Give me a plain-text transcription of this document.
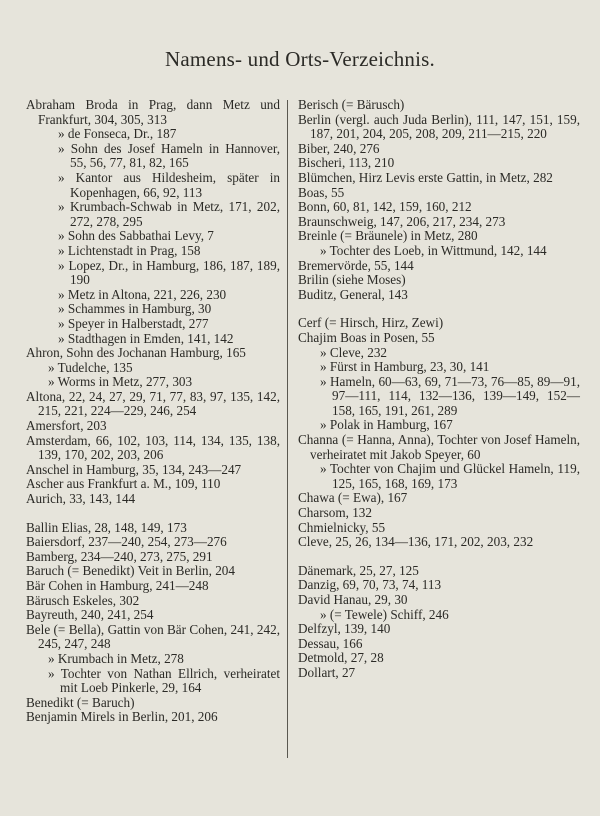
Namens- und Orts-Verzeichnis.
Abraham Broda in Prag, dann Metz und Frankfurt, 304, 305, 313
» de Fonseca, Dr., 187
» Sohn des Josef Hameln in Hannover, 55, 56, 77, 81, 82, 165
» Kantor aus Hildesheim, später in Kopenhagen, 66, 92, 113
» Krumbach-Schwab in Metz, 171, 202, 272, 278, 295
» Sohn des Sabbathai Levy, 7
» Lichtenstadt in Prag, 158
» Lopez, Dr., in Hamburg, 186, 187, 189, 190
» Metz in Altona, 221, 226, 230
» Schammes in Hamburg, 30
» Speyer in Halberstadt, 277
» Stadthagen in Emden, 141, 142
Ahron, Sohn des Jochanan Hamburg, 165
» Tudelche, 135
» Worms in Metz, 277, 303
Altona, 22, 24, 27, 29, 71, 77, 83, 97, 135, 142, 215, 221, 224—229, 246, 254
Amersfort, 203
Amsterdam, 66, 102, 103, 114, 134, 135, 138, 139, 170, 202, 203, 206
Anschel in Hamburg, 35, 134, 243—247
Ascher aus Frankfurt a. M., 109, 110
Aurich, 33, 143, 144
Ballin Elias, 28, 148, 149, 173
Baiersdorf, 237—240, 254, 273—276
Bamberg, 234—240, 273, 275, 291
Baruch (= Benedikt) Veit in Berlin, 204
Bär Cohen in Hamburg, 241—248
Bärusch Eskeles, 302
Bayreuth, 240, 241, 254
Bele (= Bella), Gattin von Bär Cohen, 241, 242, 245, 247, 248
» Krumbach in Metz, 278
» Tochter von Nathan Ellrich, verheiratet mit Loeb Pinkerle, 29, 164
Benedikt (= Baruch)
Benjamin Mirels in Berlin, 201, 206
Berisch (= Bärusch)
Berlin (vergl. auch Juda Berlin), 111, 147, 151, 159, 187, 201, 204, 205, 208, 209, 211—215, 220
Biber, 240, 276
Bischeri, 113, 210
Blümchen, Hirz Levis erste Gattin, in Metz, 282
Boas, 55
Bonn, 60, 81, 142, 159, 160, 212
Braunschweig, 147, 206, 217, 234, 273
Breinle (= Bräunele) in Metz, 280
» Tochter des Loeb, in Wittmund, 142, 144
Bremervörde, 55, 144
Brilin (siehe Moses)
Buditz, General, 143
Cerf (= Hirsch, Hirz, Zewi)
Chajim Boas in Posen, 55
» Cleve, 232
» Fürst in Hamburg, 23, 30, 141
» Hameln, 60—63, 69, 71—73, 76—85, 89—91, 97—111, 114, 132—136, 139—149, 152—158, 165, 191, 261, 289
» Polak in Hamburg, 167
Channa (= Hanna, Anna), Tochter von Josef Hameln, verheiratet mit Jakob Speyer, 60
» Tochter von Chajim und Glückel Hameln, 119, 125, 165, 168, 169, 173
Chawa (= Ewa), 167
Charsom, 132
Chmielnicky, 55
Cleve, 25, 26, 134—136, 171, 202, 203, 232
Dänemark, 25, 27, 125
Danzig, 69, 70, 73, 74, 113
David Hanau, 29, 30
» (= Tewele) Schiff, 246
Delfzyl, 139, 140
Dessau, 166
Detmold, 27, 28
Dollart, 27
